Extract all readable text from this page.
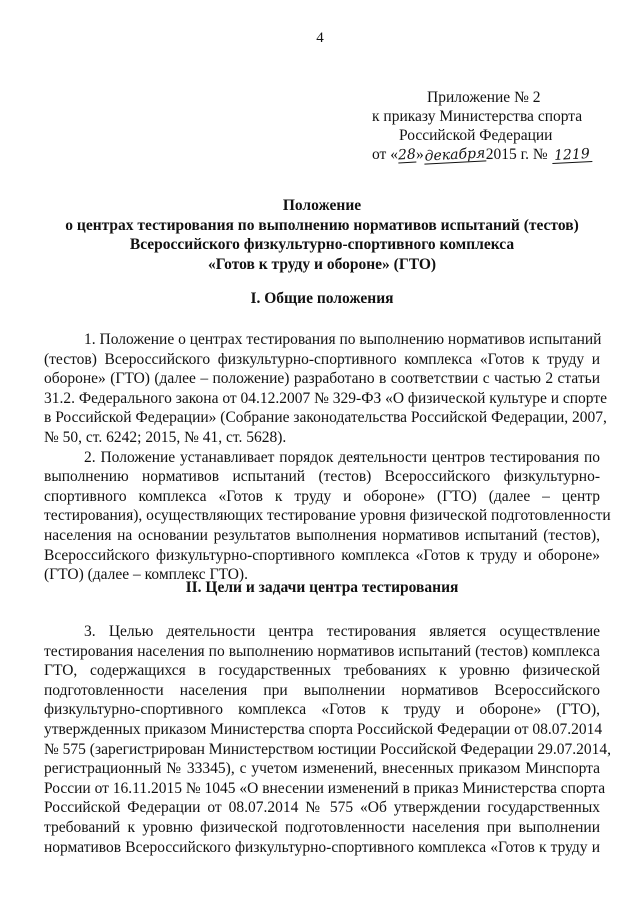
4
Приложение № 2
к приказу Министерства спорта
Российской Федерации
от «28»декабря2015 г. № 1219
Положение
о центрах тестирования по выполнению нормативов испытаний (тестов)
Всероссийского физкультурно-спортивного комплекса
«Готов к труду и обороне» (ГТО)
I. Общие положения
1. Положение о центрах тестирования по выполнению нормативов испытаний
(тестов) Всероссийского физкультурно-спортивного комплекса «Готов к труду и
обороне» (ГТО) (далее – положение) разработано в соответствии с частью 2 статьи
31.2. Федерального закона от 04.12.2007 № 329-ФЗ «О физической культуре и спорте
в Российской Федерации» (Собрание законодательства Российской Федерации, 2007,
№ 50, ст. 6242; 2015, № 41, ст. 5628).
2. Положение устанавливает порядок деятельности центров тестирования по
выполнению нормативов испытаний (тестов) Всероссийского физкультурно-
спортивного комплекса «Готов к труду и обороне» (ГТО) (далее – центр
тестирования), осуществляющих тестирование уровня физической подготовленности
населения на основании результатов выполнения нормативов испытаний (тестов),
Всероссийского физкультурно-спортивного комплекса «Готов к труду и обороне»
(ГТО) (далее – комплекс ГТО).
II. Цели и задачи центра тестирования
3. Целью деятельности центра тестирования является осуществление
тестирования населения по выполнению нормативов испытаний (тестов) комплекса
ГТО, содержащихся в государственных требованиях к уровню физической
подготовленности населения при выполнении нормативов Всероссийского
физкультурно-спортивного комплекса «Готов к труду и обороне» (ГТО),
утвержденных приказом Министерства спорта Российской Федерации от 08.07.2014
№ 575 (зарегистрирован Министерством юстиции Российской Федерации 29.07.2014,
регистрационный № 33345), с учетом изменений, внесенных приказом Минспорта
России от 16.11.2015 № 1045 «О внесении изменений в приказ Министерства спорта
Российской Федерации от 08.07.2014 № 575 «Об утверждении государственных
требований к уровню физической подготовленности населения при выполнении
нормативов Всероссийского физкультурно-спортивного комплекса «Готов к труду и
